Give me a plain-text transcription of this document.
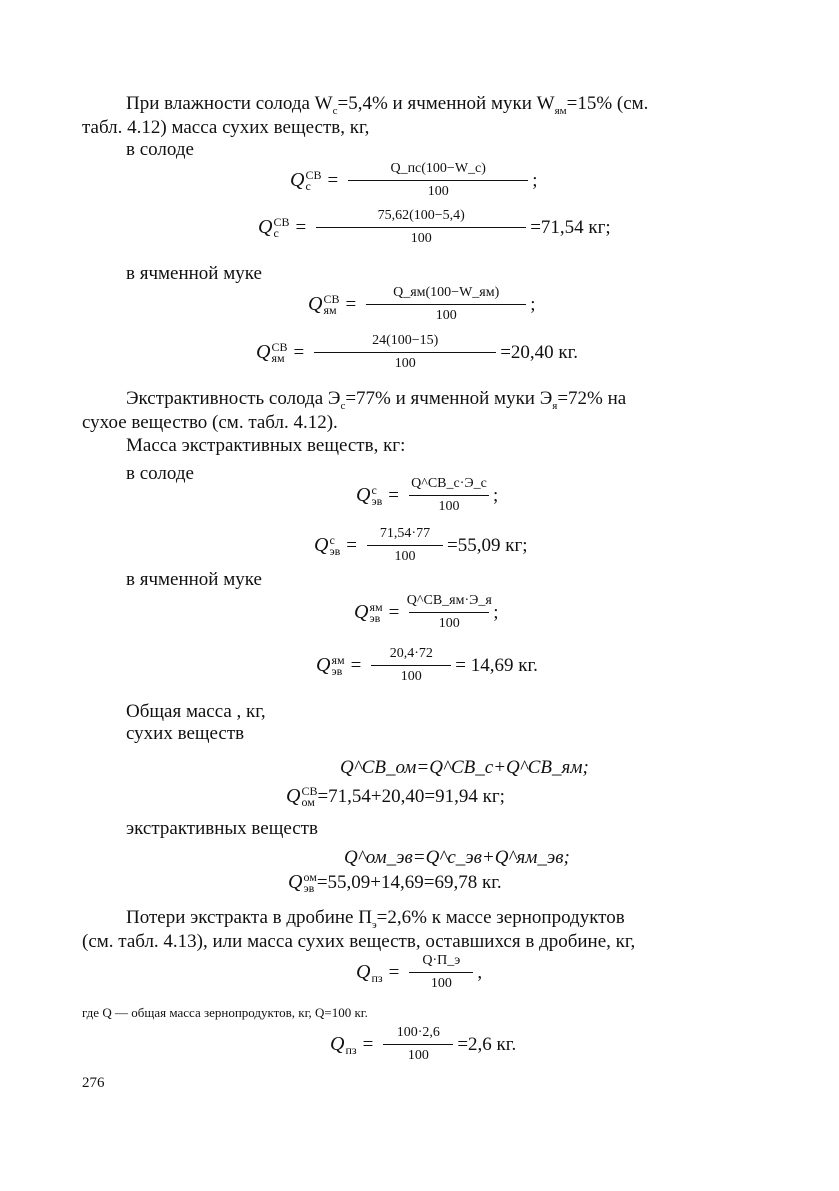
При влажности солода $W_с=5,4\%$ и ячменной муки $W_{ям}=15\%$ (см.
табл. 4.12) масса сухих веществ, кг,
в солоде
Q СВ
$с = \frac{Q\_пс(100-W\_с)}{100}$ ;
Q СВ
$с = \frac{75,62(100-5,4)}{100} =71,54$ кг;
в ячменной муке
Q СВ
ям = $\frac{Q\_ям(100-W\_ям)}{100}$ ;
Q СВ
ям = $\frac{24(100-15)}{100} =20,40$ кг.
Экстрактивность солода $Э_с=77\%$ и ячменной муки $Э_я=72\%$ на
сухое вещество (см. табл. 4.12).
Масса экстрактивных веществ, кг:
в солоде
Q с
эв = $\frac{Q\^{}СВ\_с\cdot Э\_с}{100}$ ;
Q с
эв = $\frac{71,54\cdot 77}{100} =55,09$ кг;
в ячменной муке
Q ям
эв = $\frac{Q\^{}СВ\_ям\cdot Э\_я}{100}$ ;
Q ям
эв = $\frac{20,4\cdot 72}{100} = 14,69$ кг.
Общая масса , кг,
сухих веществ
Q^СВ_ом=Q^СВ_с+Q^СВ_ям;
Q СВ
ом =71,54+20,40=91,94 кг;
экстрактивных веществ
Q^ом_эв=Q^с_эв+Q^ям_эв;
Q ом
эв =55,09+14,69=69,78 кг.
Потери экстракта в дробине $П_э=2,6\%$ к массе зернопродуктов
(см. табл. 4.13), или масса сухих веществ, оставшихся в дробине, кг,
Q
пз = $\frac{Q\cdot П\_э}{100}$ ,
где Q — общая масса зернопродуктов, кг, Q=100 кг.
Q
пз = $\frac{100\cdot 2,6}{100} =2,6$ кг.
276
